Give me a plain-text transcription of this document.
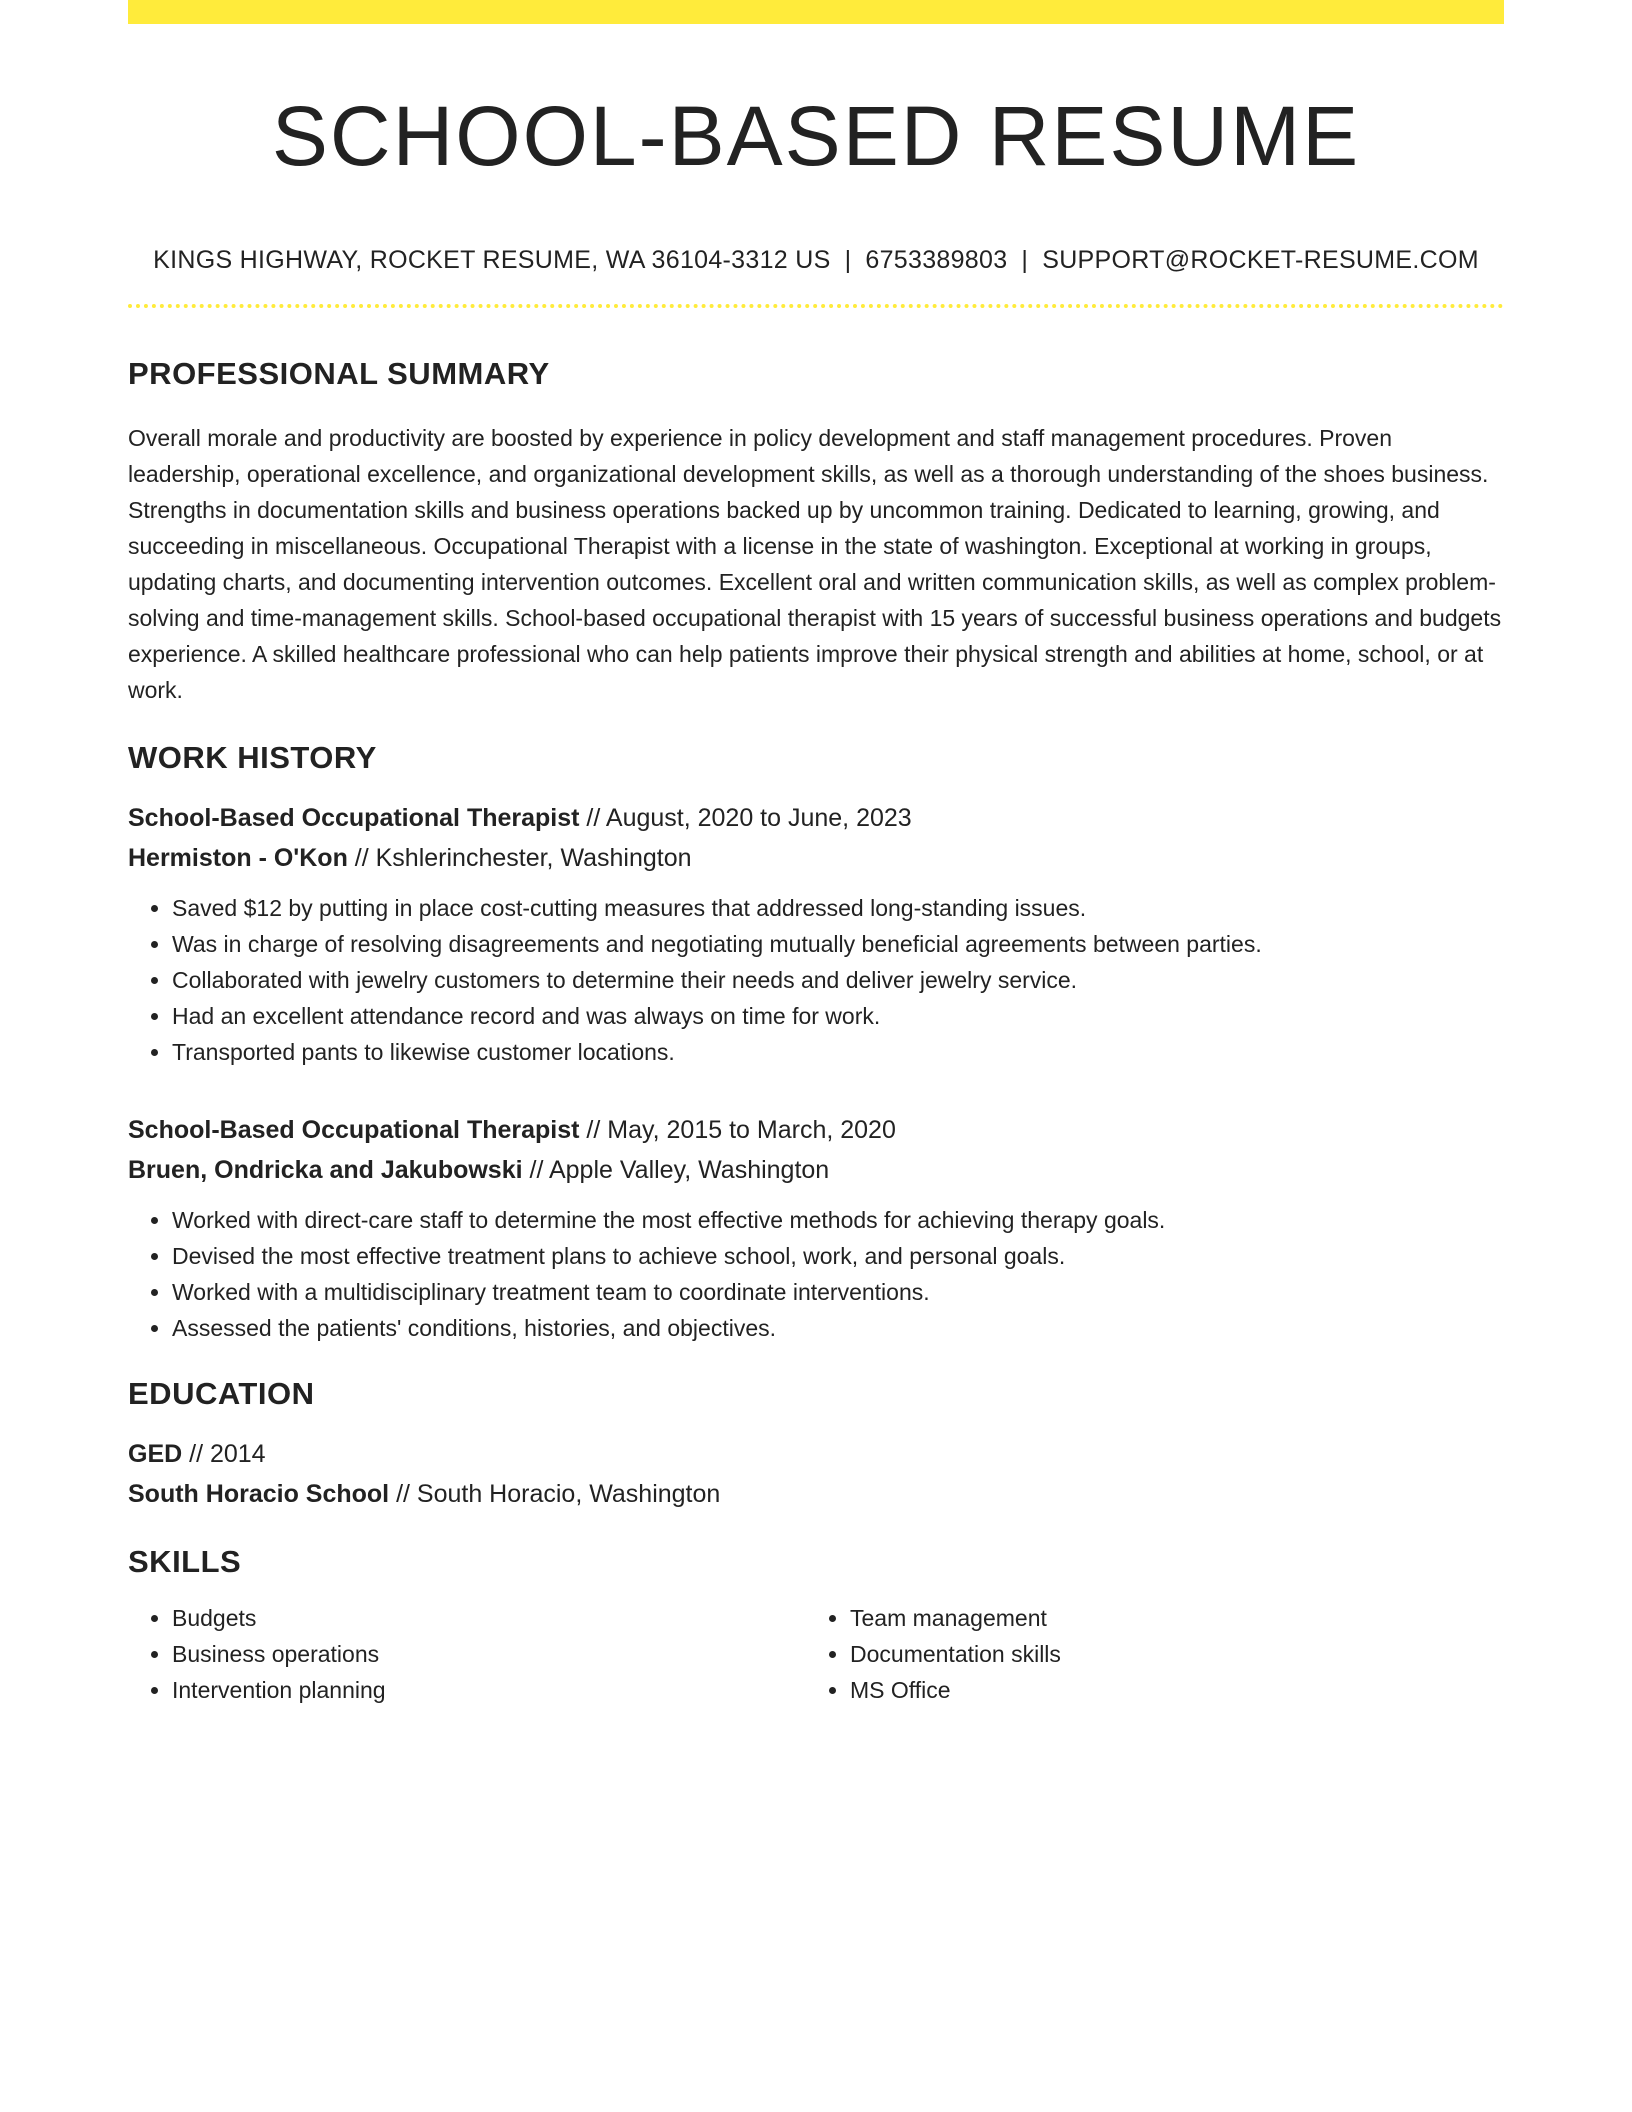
SCHOOL-BASED RESUME
KINGS HIGHWAY, ROCKET RESUME, WA 36104-3312 US | 6753389803 | SUPPORT@ROCKET-RESUME.COM
PROFESSIONAL SUMMARY

Overall morale and productivity are boosted by experience in policy development and staff management procedures. Proven leadership, operational excellence, and organizational development skills, as well as a thorough understanding of the shoes business. Strengths in documentation skills and business operations backed up by uncommon training. Dedicated to learning, growing, and succeeding in miscellaneous. Occupational Therapist with a license in the state of washington. Exceptional at working in groups, updating charts, and documenting intervention outcomes. Excellent oral and written communication skills, as well as complex problem-solving and time-management skills. School-based occupational therapist with 15 years of successful business operations and budgets experience. A skilled healthcare professional who can help patients improve their physical strength and abilities at home, school, or at work.

WORK HISTORY
School-Based Occupational Therapist // August, 2020 to June, 2023
Hermiston - O'Kon // Kshlerinchester, Washington
• Saved $12 by putting in place cost-cutting measures that addressed long-standing issues.
• Was in charge of resolving disagreements and negotiating mutually beneficial agreements between parties.
• Collaborated with jewelry customers to determine their needs and deliver jewelry service.
• Had an excellent attendance record and was always on time for work.
• Transported pants to likewise customer locations.
School-Based Occupational Therapist // May, 2015 to March, 2020
Bruen, Ondricka and Jakubowski // Apple Valley, Washington
• Worked with direct-care staff to determine the most effective methods for achieving therapy goals.
• Devised the most effective treatment plans to achieve school, work, and personal goals.
• Worked with a multidisciplinary treatment team to coordinate interventions.
• Assessed the patients' conditions, histories, and objectives.
EDUCATION
GED // 2014
South Horacio School // South Horacio, Washington
SKILLS
• Budgets
• Business operations
• Intervention planning
• Team management
• Documentation skills
• MS Office
